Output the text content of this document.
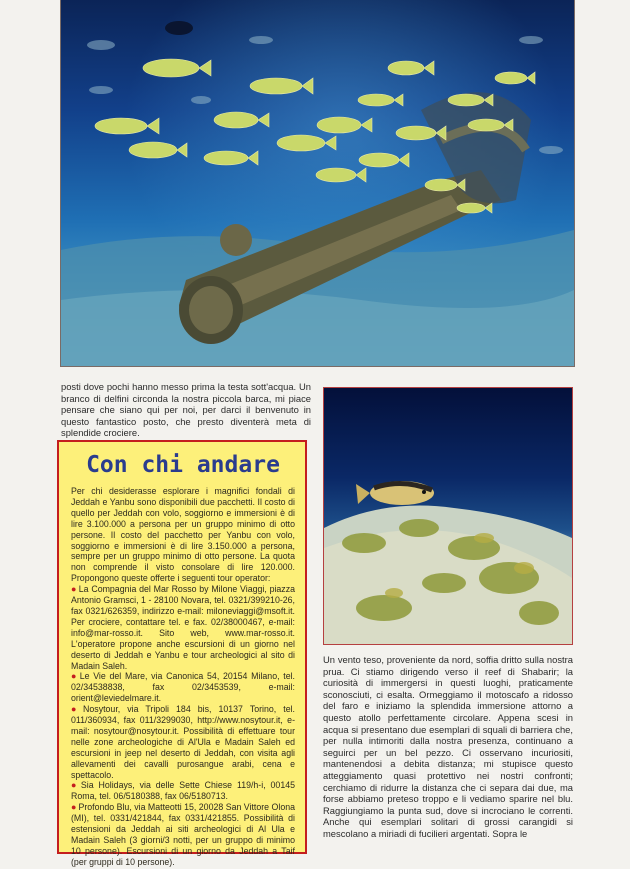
posti dove pochi hanno messo prima la testa sott'acqua. Un branco di delfini circonda la nostra piccola barca, mi piace pensare che siano qui per noi, per darci il benvenuto in questo fantastico posto, che presto diventerà meta di splendide crociere.

Con chi andare

Per chi desiderasse esplorare i magnifici fondali di Jeddah e Yanbu sono disponibili due pacchetti. Il costo di quello per Jeddah con volo, soggiorno e immersioni è di lire 3.100.000 a persona per un gruppo minimo di otto persone. Il costo del pacchetto per Yanbu con volo, soggiorno e immersioni è di lire 3.150.000 a persona, sempre per un gruppo minimo di otto persone. La quota non comprende il visto consolare di lire 120.000. Propongono queste offerte i seguenti tour operator:

● La Compagnia del Mar Rosso by Milone Viaggi, piazza Antonio Gramsci, 1 - 28100 Novara, tel. 0321/399210-26, fax 0321/626359, indirizzo e-mail: miloneviaggi@msoft.it. Per crociere, contattare tel. e fax. 02/38000467, e-mail: info@mar-rosso.it. Sito web, www.mar-rosso.it. L'operatore propone anche escursioni di un giorno nel deserto di Jeddah e Yanbu e tour archeologici al sito di Madain Saleh.

● Le Vie del Mare, via Canonica 54, 20154 Milano, tel. 02/34538838, fax 02/3453539, e-mail: orient@leviedelmare.it.

● Nosytour, via Tripoli 184 bis, 10137 Torino, tel. 011/360934, fax 011/3299030, http://www.nosytour.it, e-mail: nosytour@nosytour.it. Possibilità di effettuare tour nelle zone archeologiche di Al'Ula e Madain Saleh ed escursioni in jeep nel deserto di Jeddah, con visita agli allevamenti dei cavalli purosangue arabi, cena e spettacolo.

● Sia Holidays, via delle Sette Chiese 119/h-i, 00145 Roma, tel. 06/5180388, fax 06/5180713.

● Profondo Blu, via Matteotti 15, 20028 San Vittore Olona (MI), tel. 0331/421844, fax 0331/421855. Possibilità di estensioni da Jeddah ai siti archeologici di Al Ula e Madain Saleh (3 giorni/3 notti, per un gruppo di minimo 10 persone). Escursioni di un giorno da Jeddah a Taif (per gruppi di 10 persone).

Un vento teso, proveniente da nord, soffia dritto sulla nostra prua. Ci stiamo dirigendo verso il reef di Shabarir; la curiosità di immergersi in questi luoghi, praticamente sconosciuti, ci esalta. Ormeggiamo il motoscafo a ridosso del faro e iniziamo la splendida immersione attorno a questo atollo perfettamente circolare. Appena scesi in acqua si presentano due esemplari di squali di barriera che, per nulla intimoriti dalla nostra presenza, continuano a seguirci per un bel pezzo. Ci osservano incuriositi, mantenendosi a debita distanza; mi stupisce questo atteggiamento quasi protettivo nei nostri confronti; cerchiamo di ridurre la distanza che ci separa dai due, ma forse abbiamo preteso troppo e li vediamo sparire nel blu. Raggiungiamo la punta sud, dove si incrociano le correnti. Anche qui esemplari solitari di grossi carangidi si mescolano a miriadi di fucilieri argentati. Sopra le
